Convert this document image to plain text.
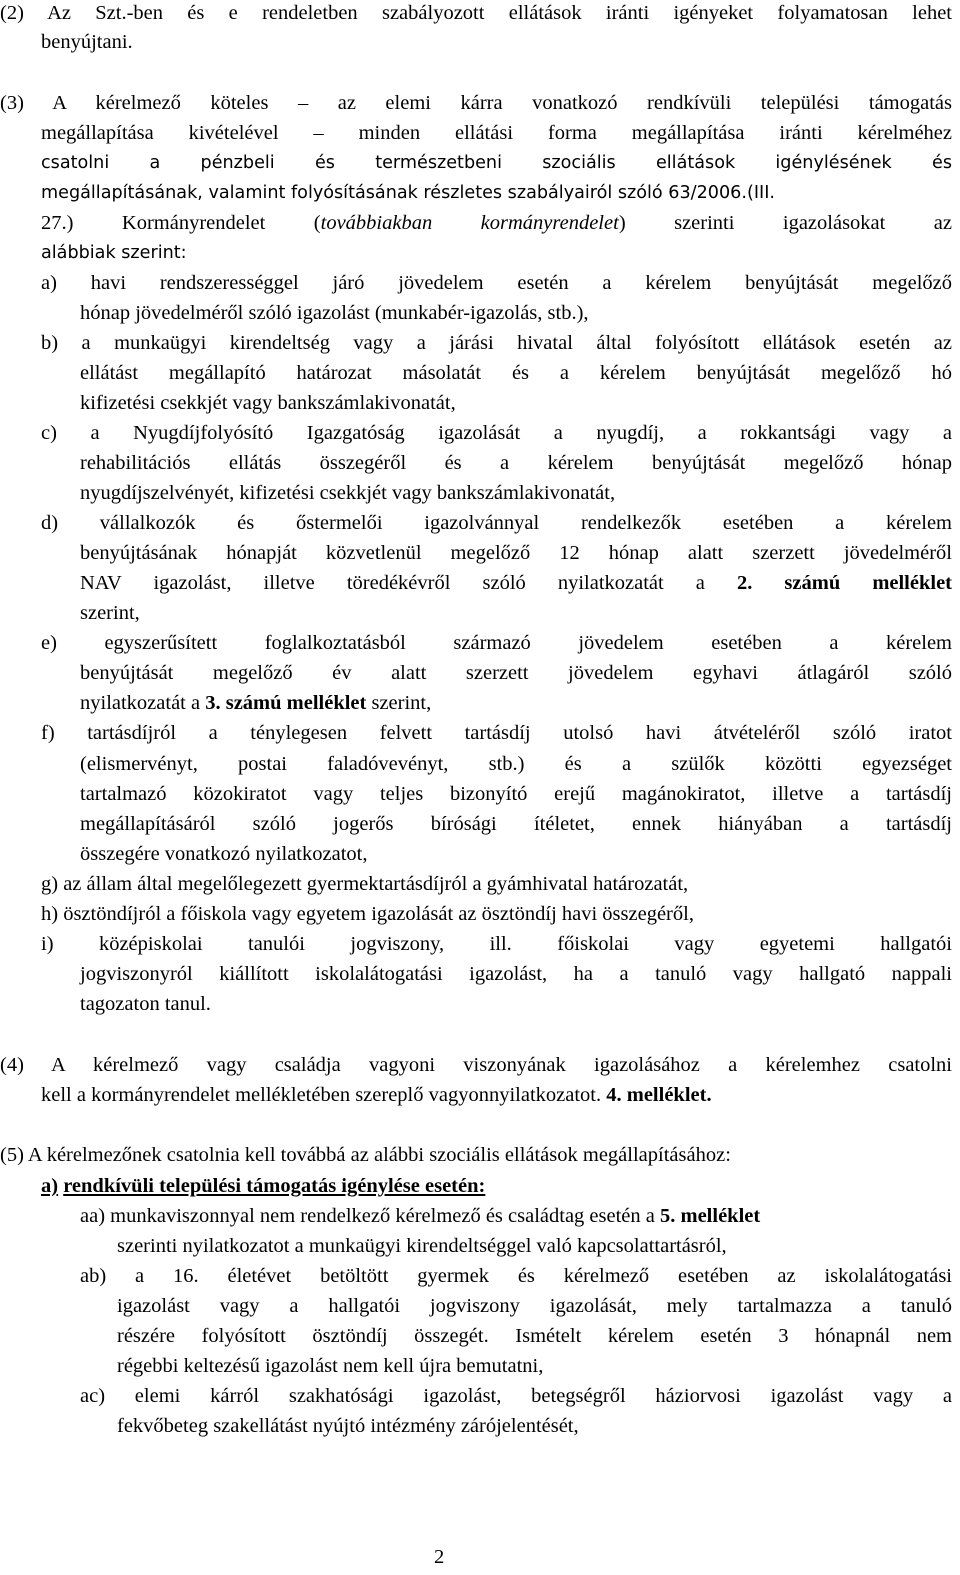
(2) Az Szt.-ben és e rendeletben szabályozott ellátások iránti igényeket folyamatosan lehet
benyújtani.
(3) A kérelmező köteles – az elemi kárra vonatkozó rendkívüli települési támogatás
megállapítása kivételével – minden ellátási forma megállapítása iránti kérelméhez
csatolni a pénzbeli és természetbeni szociális ellátások igénylésének és
megállapításának, valamint folyósításának részletes szabályairól szóló 63/2006.(III.
27.) Kormányrendelet (továbbiakban kormányrendelet) szerinti igazolásokat az
alábbiak szerint:
a) havi rendszerességgel járó jövedelem esetén a kérelem benyújtását megelőző
hónap jövedelméről szóló igazolást (munkabér-igazolás, stb.),
b) a munkaügyi kirendeltség vagy a járási hivatal által folyósított ellátások esetén az
ellátást megállapító határozat másolatát és a kérelem benyújtását megelőző hó
kifizetési csekkjét vagy bankszámlakivonatát,
c) a Nyugdíjfolyósító Igazgatóság igazolását a nyugdíj, a rokkantsági vagy a
rehabilitációs ellátás összegéről és a kérelem benyújtását megelőző hónap
nyugdíjszelvényét, kifizetési csekkjét vagy bankszámlakivonatát,
d) vállalkozók és őstermelői igazolvánnyal rendelkezők esetében a kérelem
benyújtásának hónapját közvetlenül megelőző 12 hónap alatt szerzett jövedelméről
NAV igazolást, illetve töredékévről szóló nyilatkozatát a 2. számú melléklet
szerint,
e) egyszerűsített foglalkoztatásból származó jövedelem esetében a kérelem
benyújtását megelőző év alatt szerzett jövedelem egyhavi átlagáról szóló
nyilatkozatát a 3. számú melléklet szerint,
f) tartásdíjról a ténylegesen felvett tartásdíj utolsó havi átvételéről szóló iratot
(elismervényt, postai faladóvevényt, stb.) és a szülők közötti egyezséget
tartalmazó közokiratot vagy teljes bizonyító erejű magánokiratot, illetve a tartásdíj
megállapításáról szóló jogerős bírósági ítéletet, ennek hiányában a tartásdíj
összegére vonatkozó nyilatkozatot,
g) az állam által megelőlegezett gyermektartásdíjról a gyámhivatal határozatát,
h) ösztöndíjról a főiskola vagy egyetem igazolását az ösztöndíj havi összegéről,
i) középiskolai tanulói jogviszony, ill. főiskolai vagy egyetemi hallgatói
jogviszonyról kiállított iskolalátogatási igazolást, ha a tanuló vagy hallgató nappali
tagozaton tanul.
(4) A kérelmező vagy családja vagyoni viszonyának igazolásához a kérelemhez csatolni
kell a kormányrendelet mellékletében szereplő vagyonnyilatkozatot. 4. melléklet.
(5) A kérelmezőnek csatolnia kell továbbá az alábbi szociális ellátások megállapításához:
a) rendkívüli települési támogatás igénylése esetén:
aa) munkaviszonnyal nem rendelkező kérelmező és családtag esetén a 5. melléklet
szerinti nyilatkozatot a munkaügyi kirendeltséggel való kapcsolattartásról,
ab) a 16. életévet betöltött gyermek és kérelmező esetében az iskolalátogatási
igazolást vagy a hallgatói jogviszony igazolását, mely tartalmazza a tanuló
részére folyósított ösztöndíj összegét. Ismételt kérelem esetén 3 hónapnál nem
régebbi keltezésű igazolást nem kell újra bemutatni,
ac) elemi kárról szakhatósági igazolást, betegségről háziorvosi igazolást vagy a
fekvőbeteg szakellátást nyújtó intézmény zárójelentését,
2
